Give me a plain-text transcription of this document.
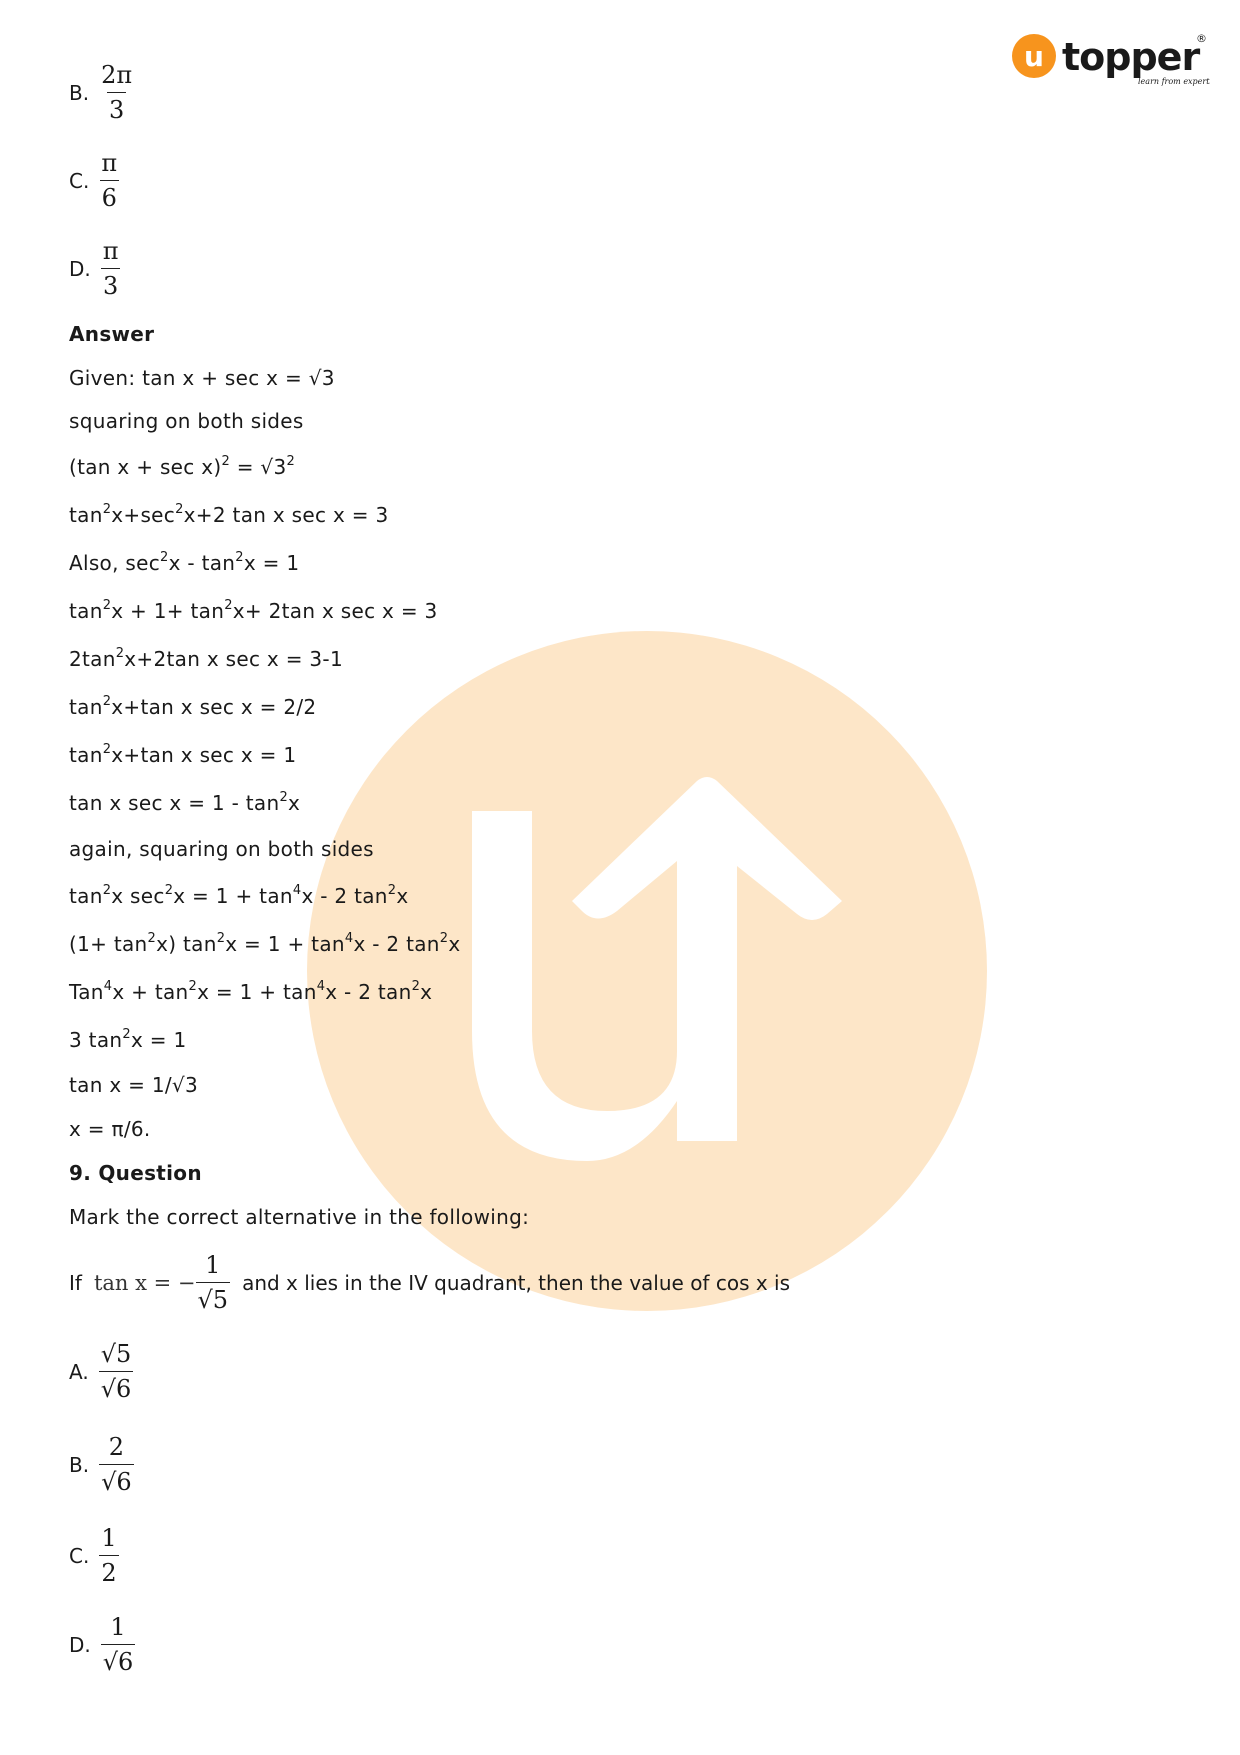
u topper
®
learn from experts
B. $\frac{2\pi}{3}$
C. $\frac{\pi}{6}$
D. $\frac{\pi}{3}$
Answer
Given: tan x + sec x = √3
squaring on both sides
(tan $x + \sec x)^2 = √3^2$
$\tan^2x+\sec^2x+2$ tan x sec x = 3
Also, $\sec^2x - \tan^2x = 1$
$\tan^2x + 1+ \tan^2x+ 2\tan$ x sec x = 3
$2\tan^2x+2\tan$ x sec x = 3-1
$\tan^2x+\tan$ x sec x = 2/2
$\tan^2x+\tan$ x sec x = 1
tan x $\sec x = 1 - \tan^2x$
again, squaring on both sides
$\tan^2x$ $\sec^2x = 1 + \tan^4x - 2$ $\tan^2x$
$(1+ \tan^2x)$ $\tan^2x = 1 + \tan^4x - 2$ $\tan^2x$
$Tan^4x + \tan^2x = 1 + \tan^4x - 2$ $\tan^2x$
3 $\tan^2x = 1$
tan x = 1/√3
x = π/6.
9. Question
Mark the correct alternative in the following:
If tan x = − $\frac{1}{√5}$ and x lies in the IV quadrant, then the value of cos x is
A. $\frac{√5}{√6}$
B. $\frac{2}{√6}$
C. $\frac{1}{2}$
D. $\frac{1}{√6}$
